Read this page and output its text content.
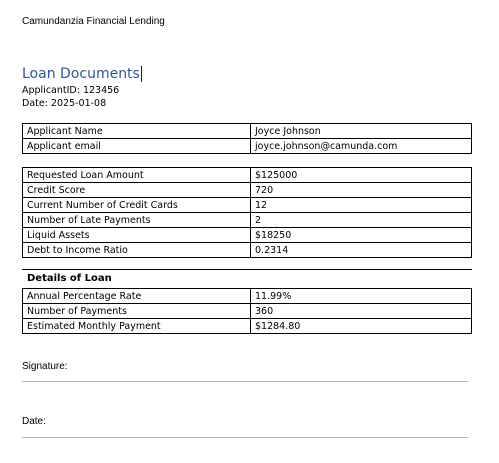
Camundanzia Financial Lending
Loan Documents
ApplicantID: 123456
Date: 2025-01-08
Applicant Name	Joyce Johnson
Applicant email	joyce.johnson@camunda.com
Requested Loan Amount	$125000
Credit Score	720
Current Number of Credit Cards	12
Number of Late Payments	2
Liquid Assets	$18250
Debt to Income Ratio	0.2314
Details of Loan
Annual Percentage Rate	11.99%
Number of Payments	360
Estimated Monthly Payment	$1284.80
Signature:
Date:
